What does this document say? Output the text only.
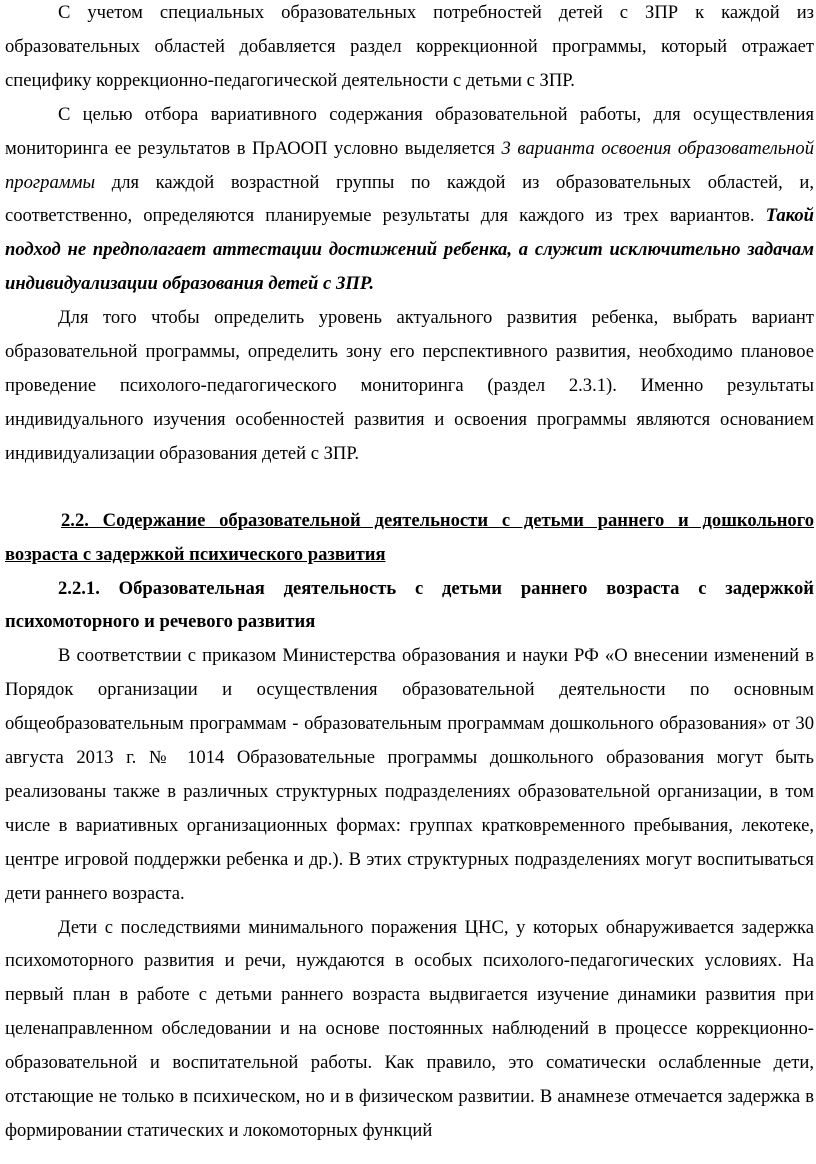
С учетом специальных образовательных потребностей детей с ЗПР к каждой из образовательных областей добавляется раздел коррекционной программы, который отражает специфику коррекционно-педагогической деятельности с детьми с ЗПР.

С целью отбора вариативного содержания образовательной работы, для осуществления мониторинга ее результатов в ПрАООП условно выделяется 3 варианта освоения образовательной программы для каждой возрастной группы по каждой из образовательных областей, и, соответственно, определяются планируемые результаты для каждого из трех вариантов. Такой подход не предполагает аттестации достижений ребенка, а служит исключительно задачам индивидуализации образования детей с ЗПР.

Для того чтобы определить уровень актуального развития ребенка, выбрать вариант образовательной программы, определить зону его перспективного развития, необходимо плановое проведение психолого-педагогического мониторинга (раздел 2.3.1). Именно результаты индивидуального изучения особенностей развития и освоения программы являются основанием индивидуализации образования детей с ЗПР.

2.2. Содержание образовательной деятельности с детьми раннего и дошкольного возраста с задержкой психического развития

2.2.1. Образовательная деятельность с детьми раннего возраста с задержкой психомоторного и речевого развития

В соответствии с приказом Министерства образования и науки РФ «О внесении изменений в Порядок организации и осуществления образовательной деятельности по основным общеобразовательным программам - образовательным программам дошкольного образования» от 30 августа 2013 г. № 1014 Образовательные программы дошкольного образования могут быть реализованы также в различных структурных подразделениях образовательной организации, в том числе в вариативных организационных формах: группах кратковременного пребывания, лекотеке, центре игровой поддержки ребенка и др.). В этих структурных подразделениях могут воспитываться дети раннего возраста.

Дети с последствиями минимального поражения ЦНС, у которых обнаруживается задержка психомоторного развития и речи, нуждаются в особых психолого-педагогических условиях. На первый план в работе с детьми раннего возраста выдвигается изучение динамики развития при целенаправленном обследовании и на основе постоянных наблюдений в процессе коррекционно-образовательной и воспитательной работы. Как правило, это соматически ослабленные дети, отстающие не только в психическом, но и в физическом развитии. В анамнезе отмечается задержка в формировании статических и локомоторных функций
